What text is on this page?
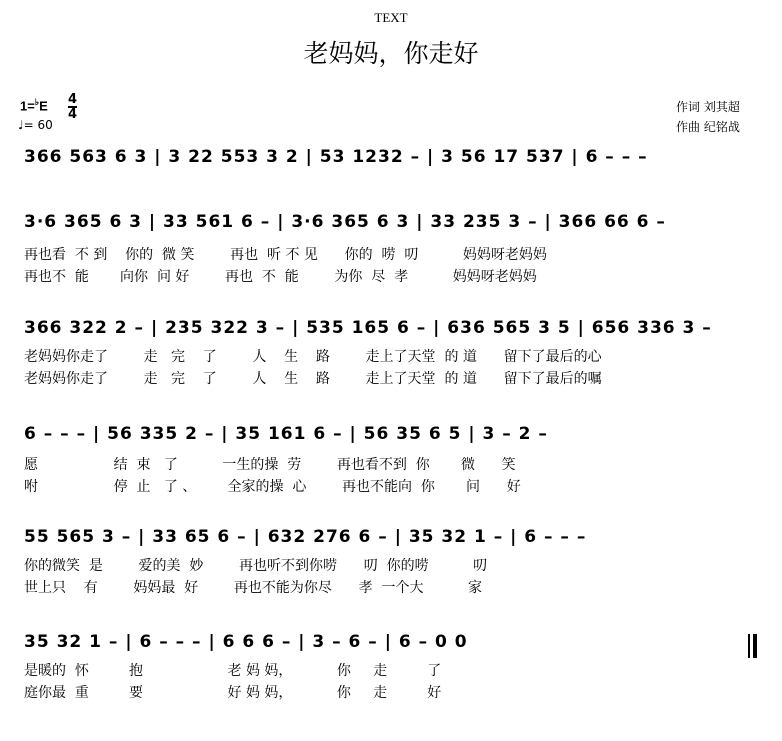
TEXT
老妈妈，你走好
1=♭E 4
4
♩= 60
作词 刘其超
作曲 纪铭战
366 563 6 3 | 3 22 553 3 2 | 53 1232 – | 3 56 17 537 | 6 – – –
3·6 365 6 3 | 33 561 6 – | 3·6 365 6 3 | 33 235 3 – | 366 66 6 –
再也看  不 到    你的  微 笑        再也  听 不 见      你的  唠  叨          妈妈呀老妈妈
再也不  能       向你  问 好        再也  不  能        为你  尽  孝          妈妈呀老妈妈
366 322 2 – | 235 322 3 – | 535 165 6 – | 636 565 3 5 | 656 336 3 –
老妈妈你走了        走   完    了        人    生    路        走上了天堂  的 道      留下了最后的心
老妈妈你走了        走   完    了        人    生    路        走上了天堂  的 道      留下了最后的嘱
6 – – – | 56 335 2 – | 35 161 6 – | 56 35 6 5 | 3 – 2 –
愿                 结  束   了          一生的操  劳        再也看不到  你       微      笑
咐                 停  止   了 、       全家的操  心        再也不能向  你       问      好
55 565 3 – | 33 65 6 – | 632 276 6 – | 35 32 1 – | 6 – – –
你的微笑  是        爱的美  妙        再也听不到你唠      叨  你的唠          叨
世上只    有        妈妈最  好        再也不能为你尽      孝  一个大          家
35 32 1 – | 6 – – – | 6 6 6 – | 3 – 6 – | 6 – 0 0
是暖的  怀         抱                   老 妈 妈，          你     走         了
庭你最  重         要                   好 妈 妈，          你     走         好
